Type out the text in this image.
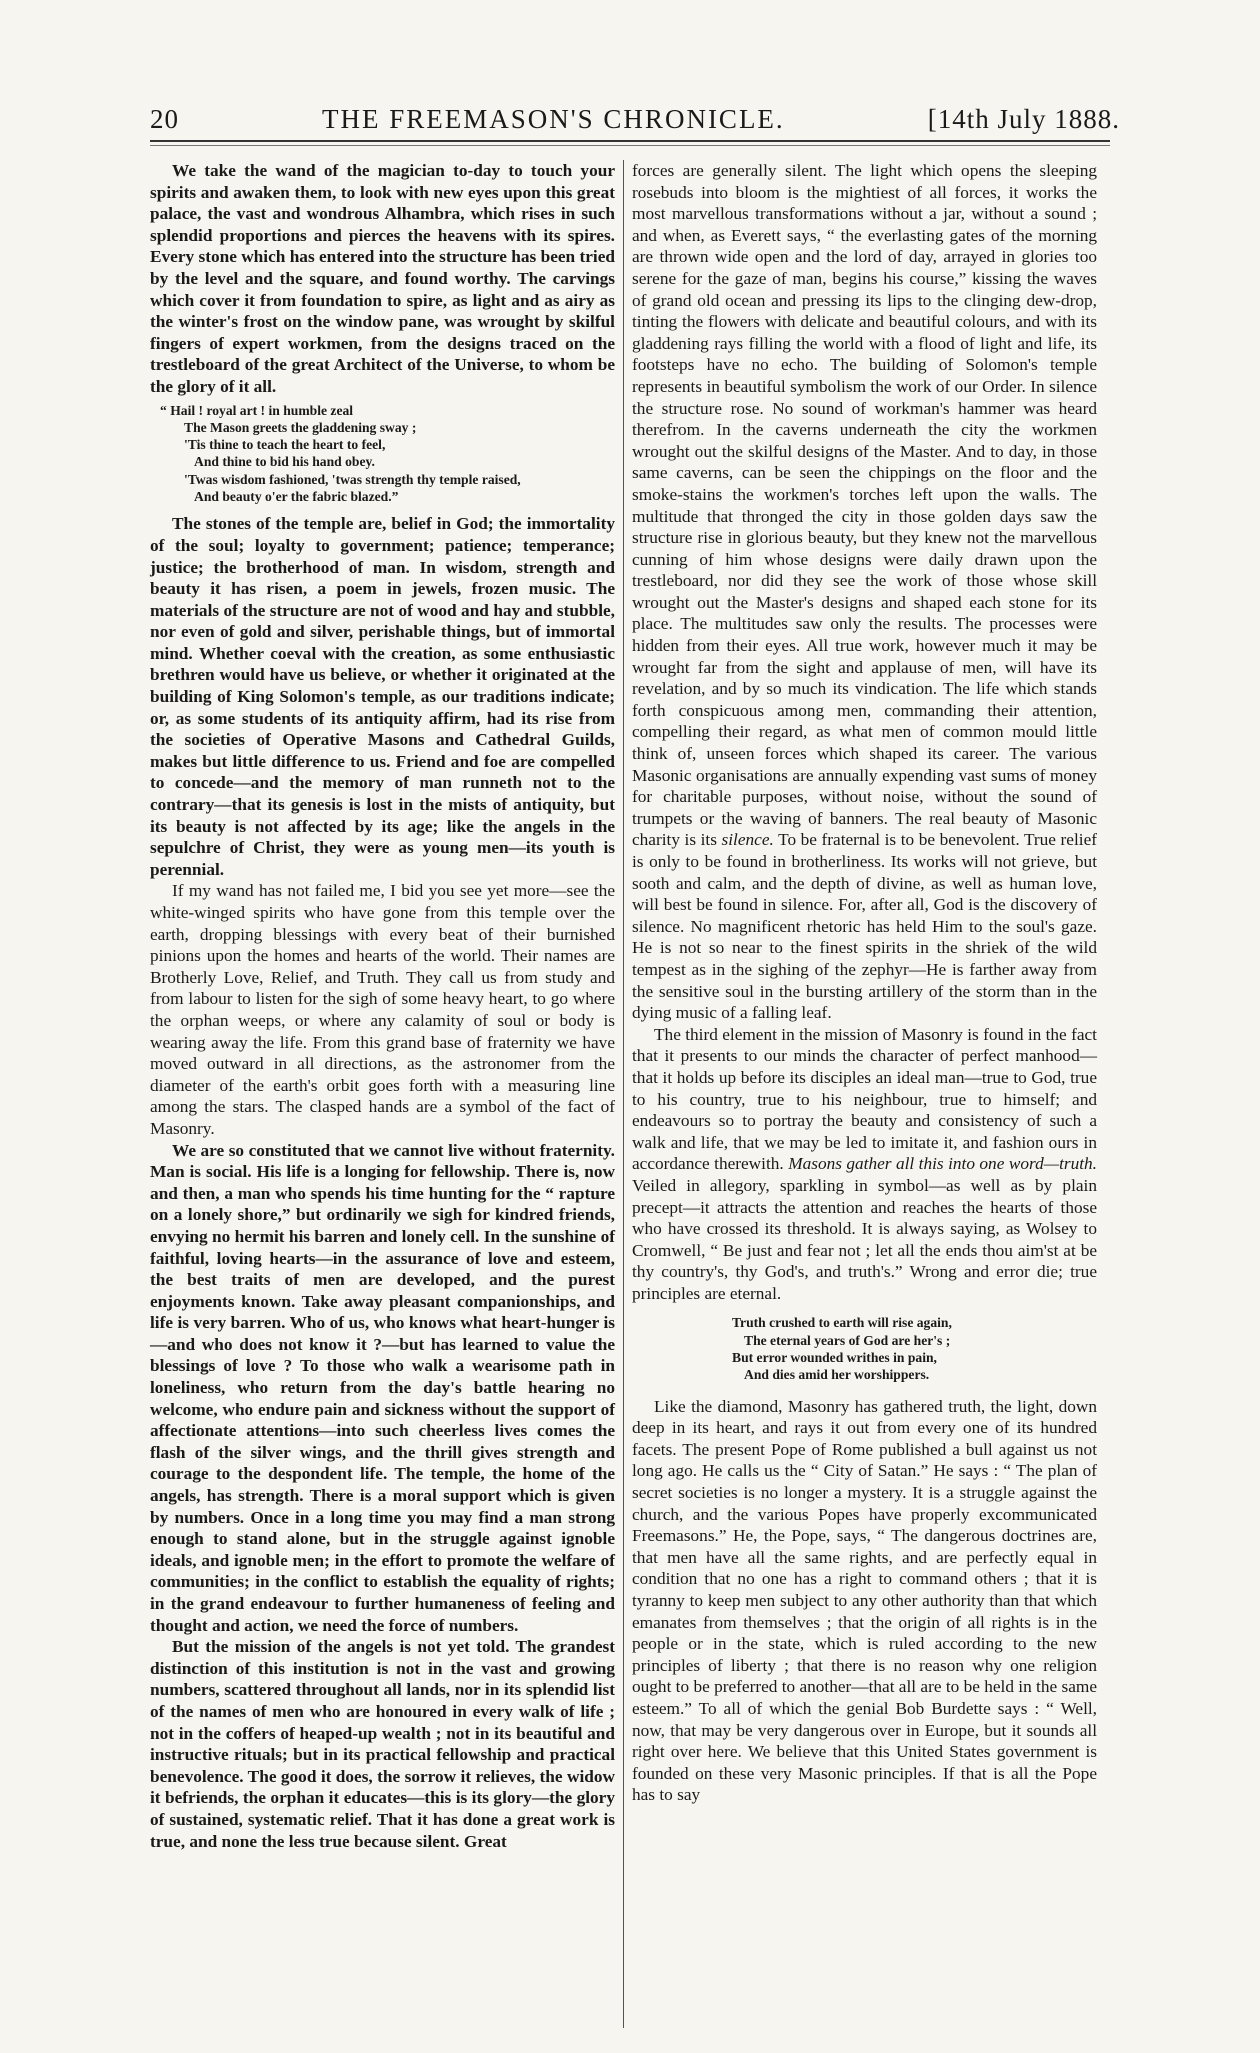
20	THE FREEMASON'S CHRONICLE.	[14th July 1888.

We take the wand of the magician to-day to touch your spirits and awaken them, to look with new eyes upon this great palace, the vast and wondrous Alhambra, which rises in such splendid proportions and pierces the heavens with its spires. Every stone which has entered into the structure has been tried by the level and the square, and found worthy. The carvings which cover it from foundation to spire, as light and as airy as the winter's frost on the window pane, was wrought by skilful fingers of expert workmen, from the designs traced on the trestleboard of the great Architect of the Universe, to whom be the glory of it all.

“ Hail ! royal art ! in humble zeal
The Mason greets the gladdening sway ;
'Tis thine to teach the heart to feel,
And thine to bid his hand obey.
'Twas wisdom fashioned, 'twas strength thy temple raised,
And beauty o'er the fabric blazed.”

The stones of the temple are, belief in God; the immortality of the soul; loyalty to government; patience; temperance; justice; the brotherhood of man. In wisdom, strength and beauty it has risen, a poem in jewels, frozen music. The materials of the structure are not of wood and hay and stubble, nor even of gold and silver, perishable things, but of immortal mind. Whether coeval with the creation, as some enthusiastic brethren would have us believe, or whether it originated at the building of King Solomon's temple, as our traditions indicate; or, as some students of its antiquity affirm, had its rise from the societies of Operative Masons and Cathedral Guilds, makes but little difference to us. Friend and foe are compelled to concede—and the memory of man runneth not to the contrary—that its genesis is lost in the mists of antiquity, but its beauty is not affected by its age; like the angels in the sepulchre of Christ, they were as young men—its youth is perennial.

If my wand has not failed me, I bid you see yet more—see the white-winged spirits who have gone from this temple over the earth, dropping blessings with every beat of their burnished pinions upon the homes and hearts of the world. Their names are Brotherly Love, Relief, and Truth. They call us from study and from labour to listen for the sigh of some heavy heart, to go where the orphan weeps, or where any calamity of soul or body is wearing away the life. From this grand base of fraternity we have moved outward in all directions, as the astronomer from the diameter of the earth's orbit goes forth with a measuring line among the stars. The clasped hands are a symbol of the fact of Masonry.

We are so constituted that we cannot live without fraternity. Man is social. His life is a longing for fellowship. There is, now and then, a man who spends his time hunting for the “ rapture on a lonely shore,” but ordinarily we sigh for kindred friends, envying no hermit his barren and lonely cell. In the sunshine of faithful, loving hearts—in the assurance of love and esteem, the best traits of men are developed, and the purest enjoyments known. Take away pleasant companionships, and life is very barren. Who of us, who knows what heart-hunger is—and who does not know it ?—but has learned to value the blessings of love ? To those who walk a wearisome path in loneliness, who return from the day's battle hearing no welcome, who endure pain and sickness without the support of affectionate attentions—into such cheerless lives comes the flash of the silver wings, and the thrill gives strength and courage to the despondent life. The temple, the home of the angels, has strength. There is a moral support which is given by numbers. Once in a long time you may find a man strong enough to stand alone, but in the struggle against ignoble ideals, and ignoble men; in the effort to promote the welfare of communities; in the conflict to establish the equality of rights; in the grand endeavour to further humaneness of feeling and thought and action, we need the force of numbers.

But the mission of the angels is not yet told. The grandest distinction of this institution is not in the vast and growing numbers, scattered throughout all lands, nor in its splendid list of the names of men who are honoured in every walk of life ; not in the coffers of heaped-up wealth ; not in its beautiful and instructive rituals; but in its practical fellowship and practical benevolence. The good it does, the sorrow it relieves, the widow it befriends, the orphan it educates—this is its glory—the glory of sustained, systematic relief. That it has done a great work is true, and none the less true because silent. Great

forces are generally silent. The light which opens the sleeping rosebuds into bloom is the mightiest of all forces, it works the most marvellous transformations without a jar, without a sound ; and when, as Everett says, “ the everlasting gates of the morning are thrown wide open and the lord of day, arrayed in glories too serene for the gaze of man, begins his course,” kissing the waves of grand old ocean and pressing its lips to the clinging dew-drop, tinting the flowers with delicate and beautiful colours, and with its gladdening rays filling the world with a flood of light and life, its footsteps have no echo. The building of Solomon's temple represents in beautiful symbolism the work of our Order. In silence the structure rose. No sound of workman's hammer was heard therefrom. In the caverns underneath the city the workmen wrought out the skilful designs of the Master. And to day, in those same caverns, can be seen the chippings on the floor and the smoke-stains the workmen's torches left upon the walls. The multitude that thronged the city in those golden days saw the structure rise in glorious beauty, but they knew not the marvellous cunning of him whose designs were daily drawn upon the trestleboard, nor did they see the work of those whose skill wrought out the Master's designs and shaped each stone for its place. The multitudes saw only the results. The processes were hidden from their eyes. All true work, however much it may be wrought far from the sight and applause of men, will have its revelation, and by so much its vindication. The life which stands forth conspicuous among men, commanding their attention, compelling their regard, as what men of common mould little think of, unseen forces which shaped its career. The various Masonic organisations are annually expending vast sums of money for charitable purposes, without noise, without the sound of trumpets or the waving of banners. The real beauty of Masonic charity is its silence. To be fraternal is to be benevolent. True relief is only to be found in brotherliness. Its works will not grieve, but sooth and calm, and the depth of divine, as well as human love, will best be found in silence. For, after all, God is the discovery of silence. No magnificent rhetoric has held Him to the soul's gaze. He is not so near to the finest spirits in the shriek of the wild tempest as in the sighing of the zephyr—He is farther away from the sensitive soul in the bursting artillery of the storm than in the dying music of a falling leaf.

The third element in the mission of Masonry is found in the fact that it presents to our minds the character of perfect manhood—that it holds up before its disciples an ideal man—true to God, true to his country, true to his neighbour, true to himself; and endeavours so to portray the beauty and consistency of such a walk and life, that we may be led to imitate it, and fashion ours in accordance therewith. Masons gather all this into one word—truth. Veiled in allegory, sparkling in symbol—as well as by plain precept—it attracts the attention and reaches the hearts of those who have crossed its threshold. It is always saying, as Wolsey to Cromwell, “ Be just and fear not ; let all the ends thou aim'st at be thy country's, thy God's, and truth's.” Wrong and error die; true principles are eternal.

Truth crushed to earth will rise again,
The eternal years of God are her's ;
But error wounded writhes in pain,
And dies amid her worshippers.

Like the diamond, Masonry has gathered truth, the light, down deep in its heart, and rays it out from every one of its hundred facets. The present Pope of Rome published a bull against us not long ago. He calls us the “ City of Satan.” He says : “ The plan of secret societies is no longer a mystery. It is a struggle against the church, and the various Popes have properly excommunicated Freemasons.” He, the Pope, says, “ The dangerous doctrines are, that men have all the same rights, and are perfectly equal in condition that no one has a right to command others ; that it is tyranny to keep men subject to any other authority than that which emanates from themselves ; that the origin of all rights is in the people or in the state, which is ruled according to the new principles of liberty ; that there is no reason why one religion ought to be preferred to another—that all are to be held in the same esteem.” To all of which the genial Bob Burdette says : “ Well, now, that may be very dangerous over in Europe, but it sounds all right over here. We believe that this United States government is founded on these very Masonic principles. If that is all the Pope has to say
